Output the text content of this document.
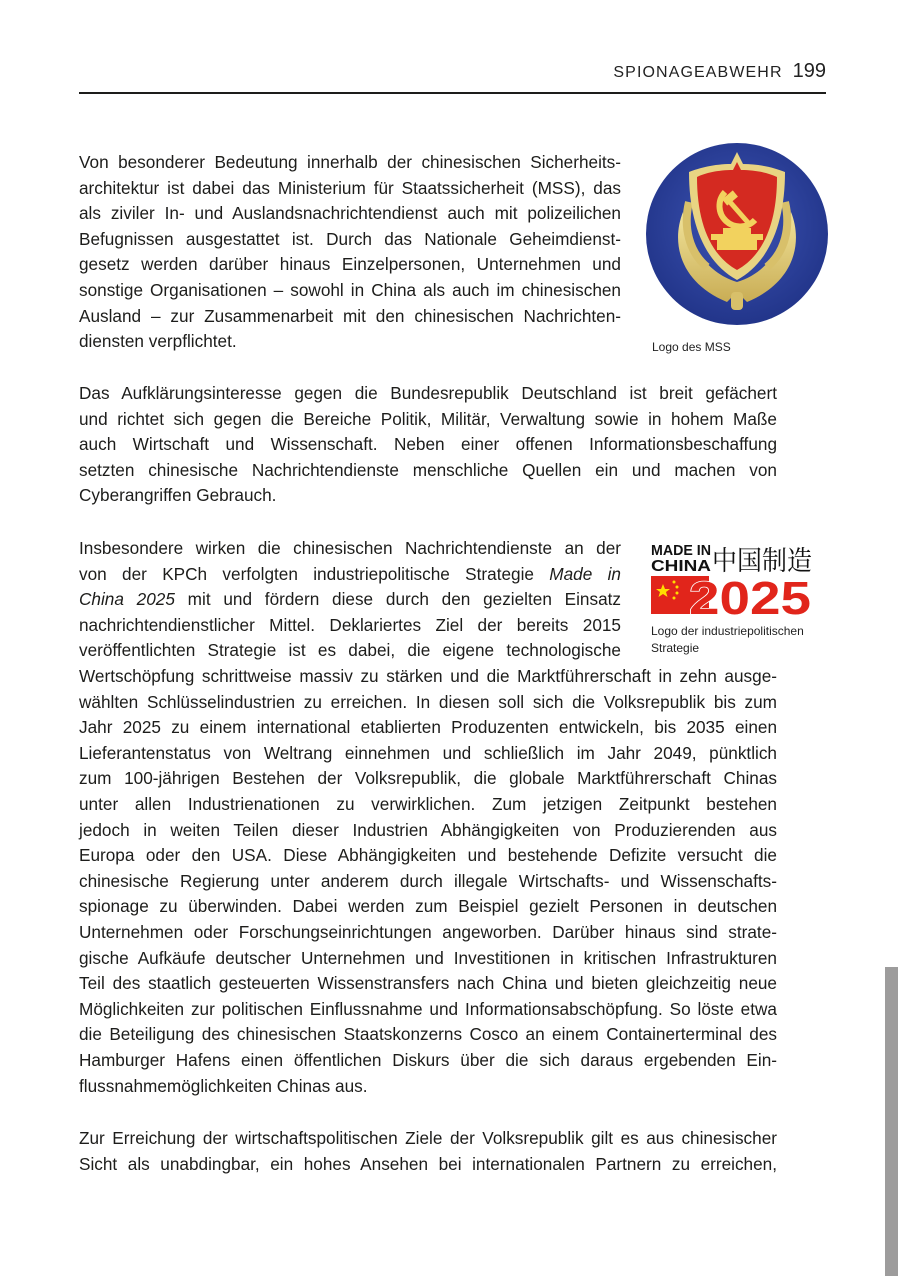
SPIONAGEABWEHR 199
Von besonderer Bedeutung innerhalb der chinesischen Sicherheits-
architektur ist dabei das Ministerium für Staatssicherheit (MSS), das
als ziviler In- und Auslandsnachrichtendienst auch mit polizeilichen
Befugnissen ausgestattet ist. Durch das Nationale Geheimdienst-
gesetz werden darüber hinaus Einzelpersonen, Unternehmen und
sonstige Organisationen – sowohl in China als auch im chinesischen
Ausland – zur Zusammenarbeit mit den chinesischen Nachrichten-
diensten verpflichtet.	Logo des MSS
Das Aufklärungsinteresse gegen die Bundesrepublik Deutschland ist breit gefächert
und richtet sich gegen die Bereiche Politik, Militär, Verwaltung sowie in hohem Maße
auch Wirtschaft und Wissenschaft. Neben einer offenen Informationsbeschaffung
setzten chinesische Nachrichtendienste menschliche Quellen ein und machen von
Cyberangriffen Gebrauch.
Insbesondere wirken die chinesischen Nachrichtendienste an der
von der KPCh verfolgten industriepolitische Strategie Made in
China 2025 mit und fördern diese durch den gezielten Einsatz
nachrichtendienstlicher Mittel. Deklariertes Ziel der bereits 2015
veröffentlichten Strategie ist es dabei, die eigene technologische
MADE IN
CHINA 中国制造
2025
Logo der industriepolitischen
Strategie
Wertschöpfung schrittweise massiv zu stärken und die Marktführerschaft in zehn ausge-
wählten Schlüsselindustrien zu erreichen. In diesen soll sich die Volksrepublik bis zum
Jahr 2025 zu einem international etablierten Produzenten entwickeln, bis 2035 einen
Lieferantenstatus von Weltrang einnehmen und schließlich im Jahr 2049, pünktlich
zum 100-jährigen Bestehen der Volksrepublik, die globale Marktführerschaft Chinas
unter allen Industrienationen zu verwirklichen. Zum jetzigen Zeitpunkt bestehen
jedoch in weiten Teilen dieser Industrien Abhängigkeiten von Produzierenden aus
Europa oder den USA. Diese Abhängigkeiten und bestehende Defizite versucht die
chinesische Regierung unter anderem durch illegale Wirtschafts- und Wissenschafts-
spionage zu überwinden. Dabei werden zum Beispiel gezielt Personen in deutschen
Unternehmen oder Forschungseinrichtungen angeworben. Darüber hinaus sind strate-
gische Aufkäufe deutscher Unternehmen und Investitionen in kritischen Infrastrukturen
Teil des staatlich gesteuerten Wissenstransfers nach China und bieten gleichzeitig neue
Möglichkeiten zur politischen Einflussnahme und Informationsabschöpfung. So löste etwa
die Beteiligung des chinesischen Staatskonzerns Cosco an einem Containerterminal des
Hamburger Hafens einen öffentlichen Diskurs über die sich daraus ergebenden Ein-
flussnahmemöglichkeiten Chinas aus.
Zur Erreichung der wirtschaftspolitischen Ziele der Volksrepublik gilt es aus chinesischer
Sicht als unabdingbar, ein hohes Ansehen bei internationalen Partnern zu erreichen,
